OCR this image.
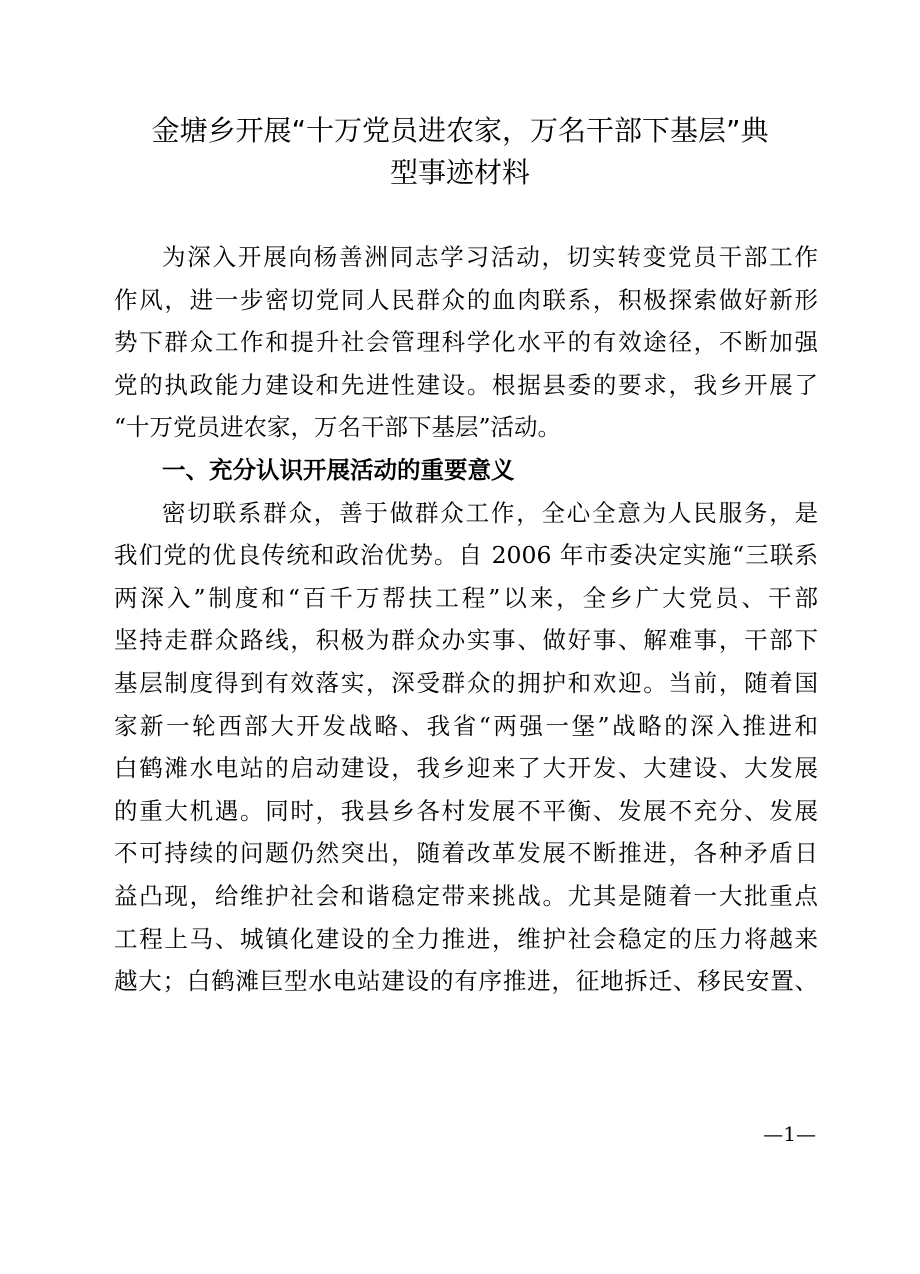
金塘乡开展“十万党员进农家，万名干部下基层”典
型事迹材料
为深入开展向杨善洲同志学习活动，切实转变党员干部工作
作风，进一步密切党同人民群众的血肉联系，积极探索做好新形
势下群众工作和提升社会管理科学化水平的有效途径，不断加强
党的执政能力建设和先进性建设。根据县委的要求，我乡开展了
“十万党员进农家，万名干部下基层”活动。
一、充分认识开展活动的重要意义
密切联系群众，善于做群众工作，全心全意为人民服务，是
我们党的优良传统和政治优势。自 2006 年市委决定实施“三联系
两深入”制度和“百千万帮扶工程”以来，全乡广大党员、干部
坚持走群众路线，积极为群众办实事、做好事、解难事，干部下
基层制度得到有效落实，深受群众的拥护和欢迎。当前，随着国
家新一轮西部大开发战略、我省“两强一堡”战略的深入推进和
白鹤滩水电站的启动建设，我乡迎来了大开发、大建设、大发展
的重大机遇。同时，我县乡各村发展不平衡、发展不充分、发展
不可持续的问题仍然突出，随着改革发展不断推进，各种矛盾日
益凸现，给维护社会和谐稳定带来挑战。尤其是随着一大批重点
工程上马、城镇化建设的全力推进，维护社会稳定的压力将越来
越大；白鹤滩巨型水电站建设的有序推进，征地拆迁、移民安置、
—1—
